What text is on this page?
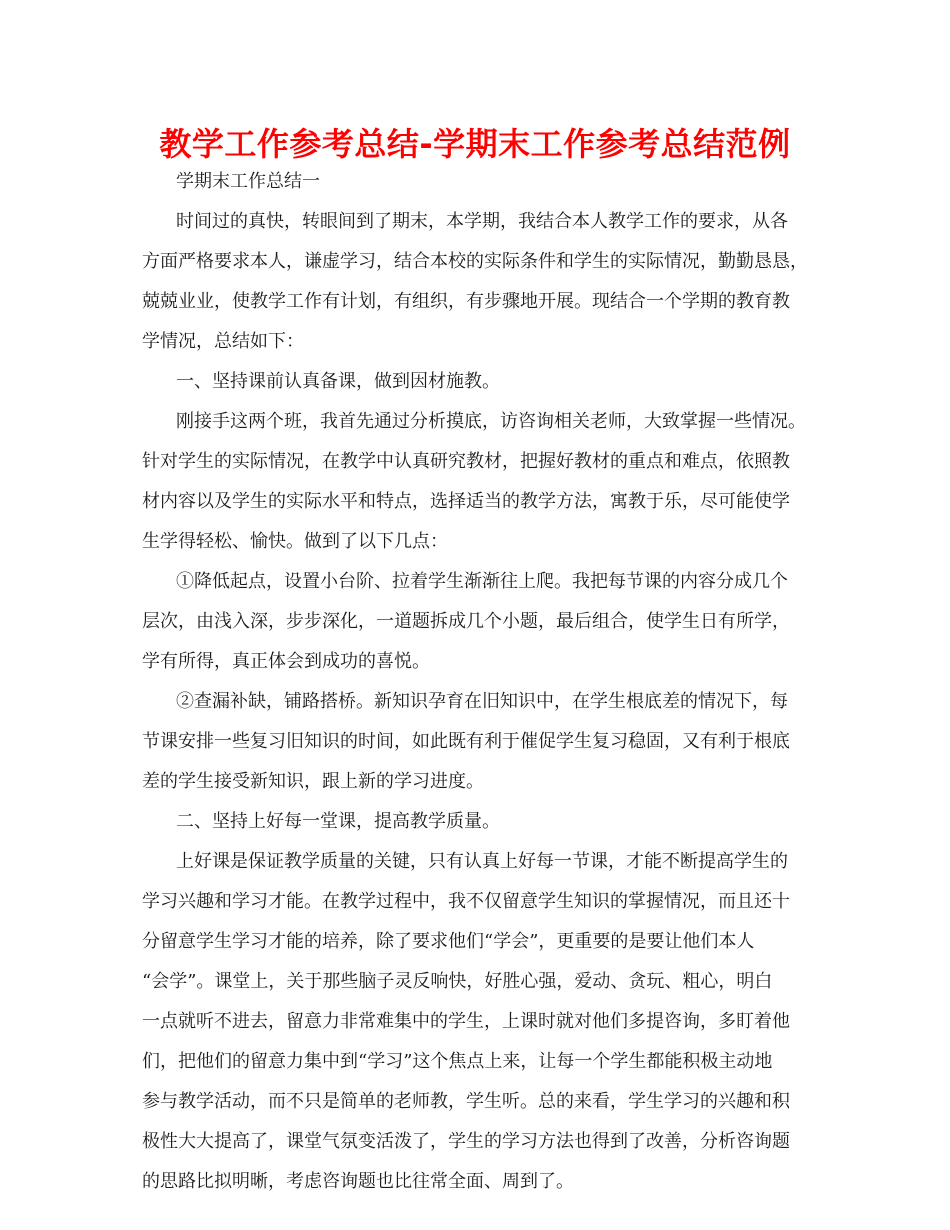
教学工作参考总结-学期末工作参考总结范例

学期末工作总结一

时间过的真快，转眼间到了期末，本学期，我结合本人教学工作的要求，从各
方面严格要求本人，谦虚学习，结合本校的实际条件和学生的实际情况，勤勤恳恳，
兢兢业业，使教学工作有计划，有组织，有步骤地开展。现结合一个学期的教育教
学情况，总结如下：

一、坚持课前认真备课，做到因材施教。

刚接手这两个班，我首先通过分析摸底，访咨询相关老师，大致掌握一些情况。
针对学生的实际情况，在教学中认真研究教材，把握好教材的重点和难点，依照教
材内容以及学生的实际水平和特点，选择适当的教学方法，寓教于乐，尽可能使学
生学得轻松、愉快。做到了以下几点：

①降低起点，设置小台阶、拉着学生渐渐往上爬。我把每节课的内容分成几个
层次，由浅入深，步步深化，一道题拆成几个小题，最后组合，使学生日有所学，
学有所得，真正体会到成功的喜悦。

②查漏补缺，铺路搭桥。新知识孕育在旧知识中，在学生根底差的情况下，每
节课安排一些复习旧知识的时间，如此既有利于催促学生复习稳固，又有利于根底
差的学生接受新知识，跟上新的学习进度。

二、坚持上好每一堂课，提高教学质量。

上好课是保证教学质量的关键，只有认真上好每一节课，才能不断提高学生的
学习兴趣和学习才能。在教学过程中，我不仅留意学生知识的掌握情况，而且还十
分留意学生学习才能的培养，除了要求他们“学会”，更重要的是要让他们本人
“会学”。课堂上，关于那些脑子灵反响快，好胜心强，爱动、贪玩、粗心，明白
一点就听不进去，留意力非常难集中的学生，上课时就对他们多提咨询，多盯着他
们，把他们的留意力集中到“学习”这个焦点上来，让每一个学生都能积极主动地
参与教学活动，而不只是简单的老师教，学生听。总的来看，学生学习的兴趣和积
极性大大提高了，课堂气氛变活泼了，学生的学习方法也得到了改善，分析咨询题
的思路比拟明晰，考虑咨询题也比往常全面、周到了。
